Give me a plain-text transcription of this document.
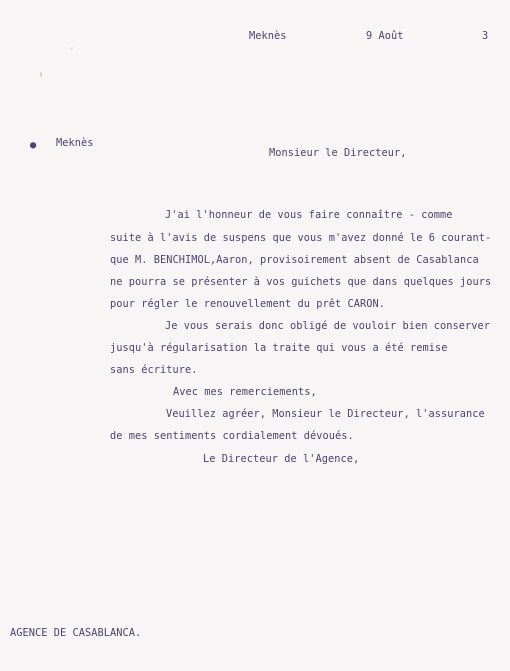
Meknès	9 Août	3
● Meknès
Monsieur le Directeur,
J'ai l'honneur de vous faire connaître - comme
suite à l'avis de suspens que vous m'avez donné le 6 courant-
que M. BENCHIMOL,Aaron, provisoirement absent de Casablanca
ne pourra se présenter à vos guichets que dans quelques jours
pour régler le renouvellement du prêt CARON.
Je vous serais donc obligé de vouloir bien conserver
jusqu'à régularisation la traite qui vous a été remise
sans écriture.
Avec mes remerciements,
Veuillez agréer, Monsieur le Directeur, l'assurance
de mes sentiments cordialement dévoués.
Le Directeur de l'Agence,
AGENCE DE CASABLANCA.
